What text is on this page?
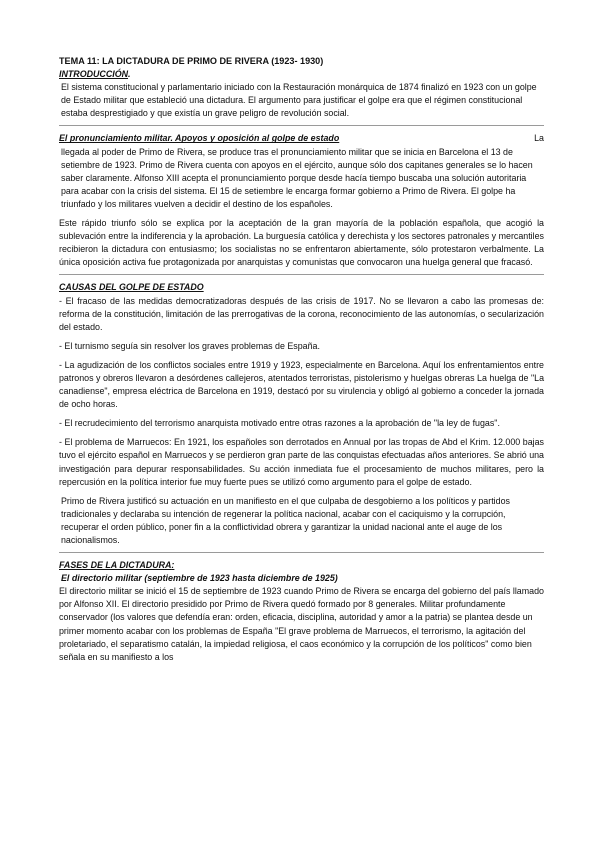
TEMA 11: LA DICTADURA DE PRIMO DE RIVERA (1923- 1930)

INTRODUCCIÓN.

El sistema constitucional y parlamentario iniciado con la Restauración monárquica de 1874 finalizó en 1923 con un golpe de Estado militar que estableció una dictadura. El argumento para justificar el golpe era que el régimen constitucional estaba desprestigiado y que existía un grave peligro de revolución social.

El pronunciamiento militar. Apoyos y oposición al golpe de estado	La

llegada al poder de Primo de Rivera, se produce tras el pronunciamiento militar que se inicia en Barcelona el 13 de setiembre de 1923. Primo de Rivera cuenta con apoyos en el ejército, aunque sólo dos capitanes generales se lo hacen saber claramente. Alfonso XIII acepta el pronunciamiento porque desde hacía tiempo buscaba una solución autoritaria para acabar con la crisis del sistema. El 15 de setiembre le encarga formar gobierno a Primo de Rivera. El golpe ha triunfado y los militares vuelven a decidir el destino de los españoles.

Este rápido triunfo sólo se explica por la aceptación de la gran mayoría de la población española, que acogió la sublevación entre la indiferencia y la aprobación. La burguesía católica y derechista y los sectores patronales y mercantiles recibieron la dictadura con entusiasmo; los socialistas no se enfrentaron abiertamente, sólo protestaron verbalmente. La única oposición activa fue protagonizada por anarquistas y comunistas que convocaron una huelga general que fracasó.

CAUSAS DEL GOLPE DE ESTADO

- El fracaso de las medidas democratizadoras después de las crisis de 1917. No se llevaron a cabo las promesas de: reforma de la constitución, limitación de las prerrogativas de la corona, reconocimiento de las autonomías, o secularización del estado.

- El turnismo seguía sin resolver los graves problemas de España.

- La agudización de los conflictos sociales entre 1919 y 1923, especialmente en Barcelona. Aquí los enfrentamientos entre patronos y obreros llevaron a desórdenes callejeros, atentados terroristas, pistolerismo y huelgas obreras La huelga de "La canadiense", empresa eléctrica de Barcelona en 1919, destacó por su virulencia y obligó al gobierno a conceder la jornada de ocho horas.

- El recrudecimiento del terrorismo anarquista motivado entre otras razones a la aprobación de "la ley de fugas".

- El problema de Marruecos: En 1921, los españoles son derrotados en Annual por las tropas de Abd el Krim. 12.000 bajas tuvo el ejército español en Marruecos y se perdieron gran parte de las conquistas efectuadas años anteriores. Se abrió una investigación para depurar responsabilidades. Su acción inmediata fue el procesamiento de muchos militares, pero la repercusión en la política interior fue muy fuerte pues se utilizó como argumento para el golpe de estado.

Primo de Rivera justificó su actuación en un manifiesto en el que culpaba de desgobierno a los políticos y partidos tradicionales y declaraba su intención de regenerar la política nacional, acabar con el caciquismo y la corrupción, recuperar el orden público, poner fin a la conflictividad obrera y garantizar la unidad nacional ante el auge de los nacionalismos.

FASES DE LA DICTADURA:

El directorio militar (septiembre de 1923 hasta diciembre de 1925)

El directorio militar se inició el 15 de septiembre de 1923 cuando Primo de Rivera se encarga del gobierno del país llamado por Alfonso XII. El directorio presidido por Primo de Rivera quedó formado por 8 generales. Militar profundamente conservador (los valores que defendía eran: orden, eficacia, disciplina, autoridad y amor a la patria) se plantea desde un primer momento acabar con los problemas de España "El grave problema de Marruecos, el terrorismo, la agitación del proletariado, el separatismo catalán, la impiedad religiosa, el caos económico y la corrupción de los políticos" como bien señala en su manifiesto a los
